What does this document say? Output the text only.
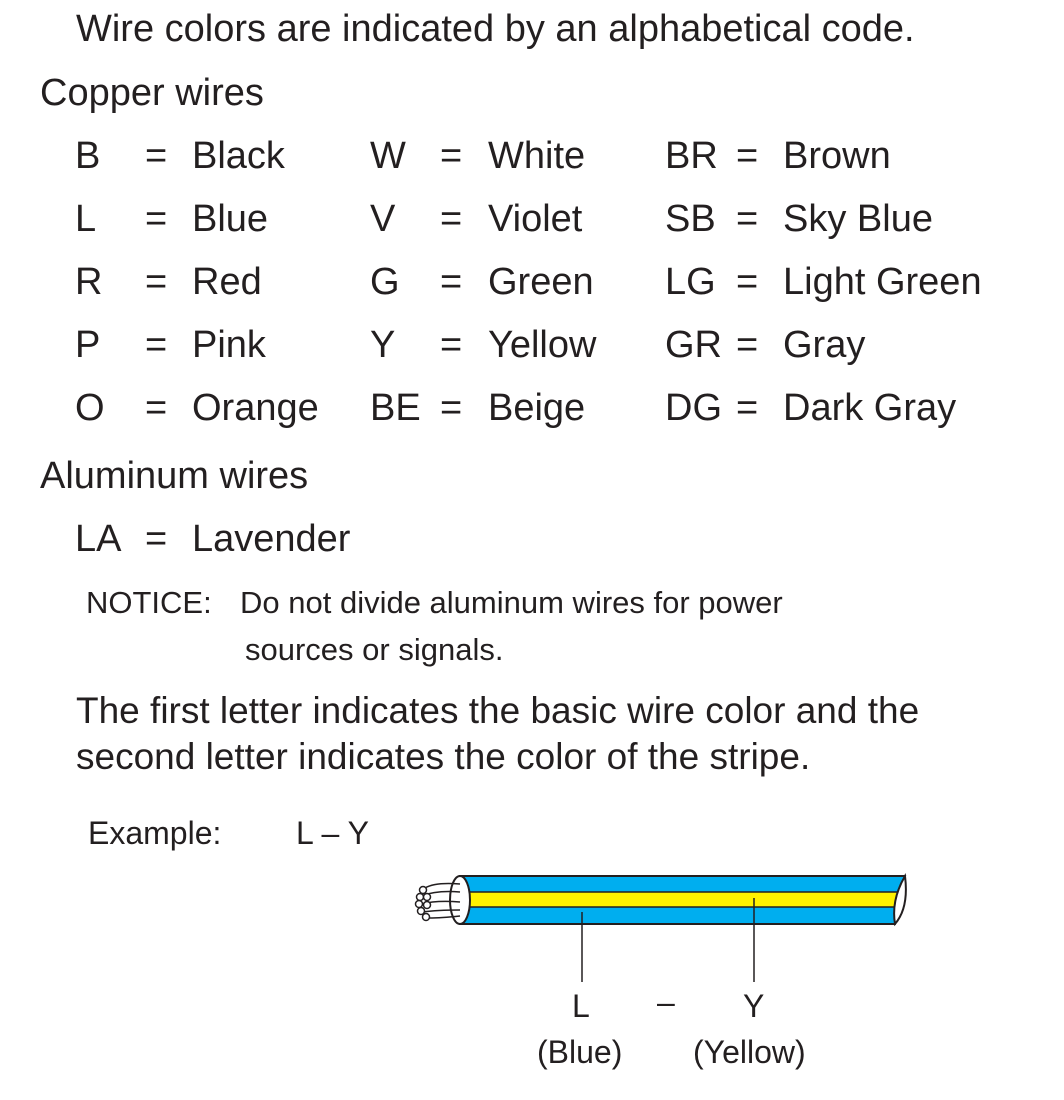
Wire colors are indicated by an alphabetical code.
Copper wires
B = Black W = White BR = Brown
L = Blue	V = Violet SB = Sky Blue
R = Red	G = Green LG = Light Green
P = Pink	Y = Yellow GR = Gray
O = Orange BE = Beige DG = Dark Gray
Aluminum wires
LA = Lavender
NOTICE: Do not divide aluminum wires for power
sources or signals.
The first letter indicates the basic wire color and the
second letter indicates the color of the stripe.
Example: L – Y
L – Y
(Blue) (Yellow)
